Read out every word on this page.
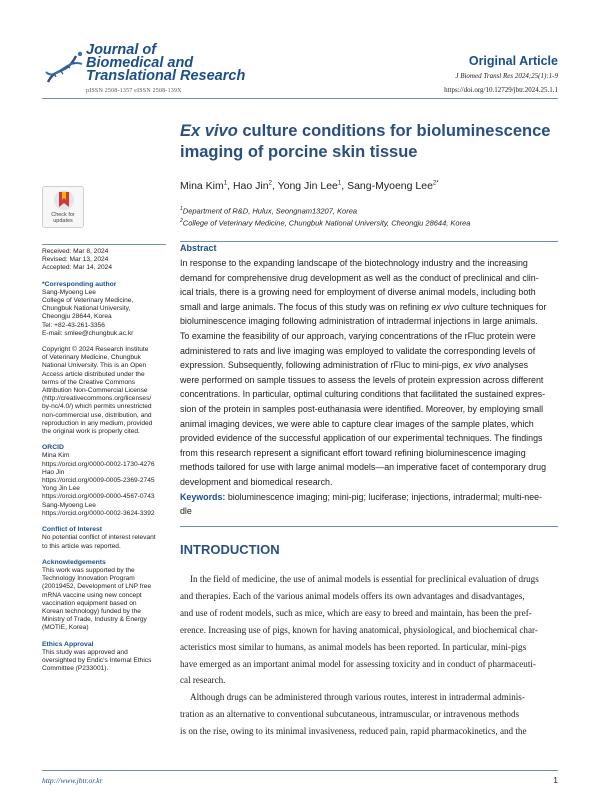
Journal of
Biomedical and
Translational Research
pISSN 2508-1357 eISSN 2508-139X
Original Article
J Biomed Transl Res 2024;25(1):1-9
https://doi.org/10.12729/jbtr.2024.25.1.1
Ex vivo culture conditions for bioluminescence
imaging of porcine skin tissue
Mina Kim$^1$, Hao Jin$^2$, Yong Jin Lee$^1$, Sang-Myoeng Lee$^{2*}$
$^1$Department of R&D, Hulux, Seongnam13207, Korea
$^2$College of Veterinary Medicine, Chungbuk National University, Cheongju 28644, Korea
Check for
updates
Received: Mar 8, 2024
Revised: Mar 13, 2024
Accepted: Mar 14, 2024
*Corresponding author
Sang-Myoeng Lee
College of Veterinary Medicine,
Chungbuk National University,
Cheongju 28644, Korea
Tel: +82-43-261-3356
E-mail: smlee@chungbuk.ac.kr
Copyright © 2024 Research Institute
of Veterinary Medicine, Chungbuk
National University. This is an Open
Access article distributed under the
terms of the Creative Commons
Attribution Non-Commercial License
(http://creativecommons.org/licenses/
by-nc/4.0/) which permits unrestricted
non-commercial use, distribution, and
reproduction in any medium, provided
the original work is properly cited.
ORCID
Mina Kim
https://orcid.org/0000-0002-1730-4276
Hao Jin
https://orcid.org/0009-0005-2369-2745
Yong Jin Lee
https://orcid.org/0009-0000-4567-0743
Sang-Myoeng Lee
https://orcid.org/0000-0002-3624-3392
Conflict of Interest
No potential conflict of interest relevant
to this article was reported.
Acknowledgements
This work was supported by the
Technology Innovation Program
(20019452, Development of LNP free
mRNA vaccine using new concept
vaccination equipment based on
Korean technology) funded by the
Ministry of Trade, Industry & Energy
(MOTIE, Korea)
Ethics Approval
This study was approved and
oversighted by Endic's Internal Ethics
Committee (P233001).
Abstract
In response to the expanding landscape of the biotechnology industry and the increasing
demand for comprehensive drug development as well as the conduct of preclinical and clin-
ical trials, there is a growing need for employment of diverse animal models, including both
small and large animals. The focus of this study was on refining ex vivo culture techniques for
bioluminescence imaging following administration of intradermal injections in large animals.
To examine the feasibility of our approach, varying concentrations of the rFluc protein were
administered to rats and live imaging was employed to validate the corresponding levels of
expression. Subsequently, following administration of rFluc to mini-pigs, ex vivo analyses
were performed on sample tissues to assess the levels of protein expression across different
concentrations. In particular, optimal culturing conditions that facilitated the sustained expres-
sion of the protein in samples post-euthanasia were identified. Moreover, by employing small
animal imaging devices, we were able to capture clear images of the sample plates, which
provided evidence of the successful application of our experimental techniques. The findings
from this research represent a significant effort toward refining bioluminescence imaging
methods tailored for use with large animal models—an imperative facet of contemporary drug
development and biomedical research.
Keywords: bioluminescence imaging; mini-pig; luciferase; injections, intradermal; multi-nee-
dle
INTRODUCTION
In the field of medicine, the use of animal models is essential for preclinical evaluation of drugs
and therapies. Each of the various animal models offers its own advantages and disadvantages,
and use of rodent models, such as mice, which are easy to breed and maintain, has been the pref-
erence. Increasing use of pigs, known for having anatomical, physiological, and biochemical char-
acteristics most similar to humans, as animal models has been reported. In particular, mini-pigs
have emerged as an important animal model for assessing toxicity and in conduct of pharmaceuti-
cal research.
Although drugs can be administered through various routes, interest in intradermal adminis-
tration as an alternative to conventional subcutaneous, intramuscular, or intravenous methods
is on the rise, owing to its minimal invasiveness, reduced pain, rapid pharmacokinetics, and the
http://www.jbtr.or.kr	1
